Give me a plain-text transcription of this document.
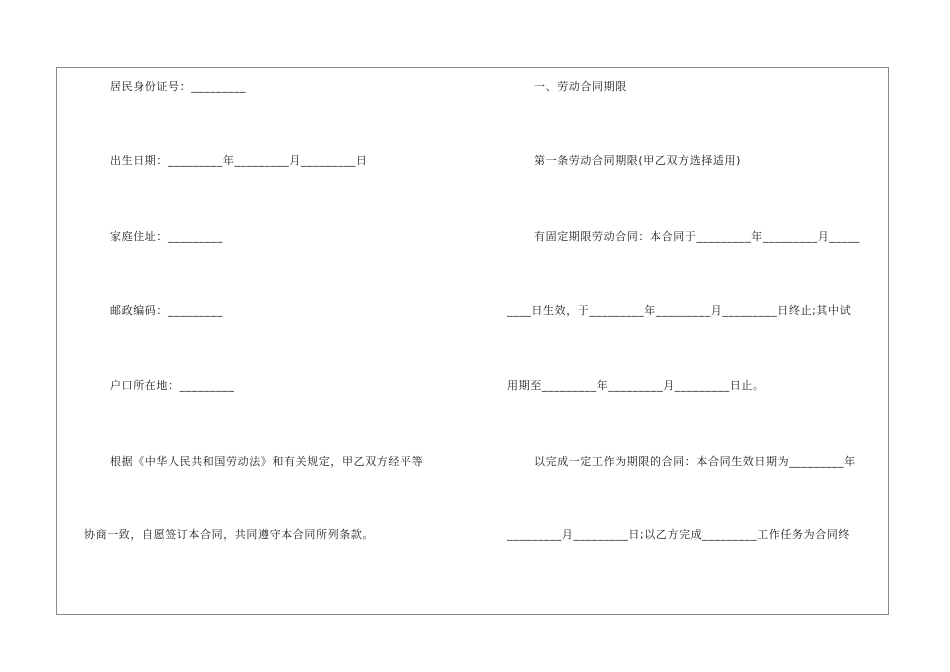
居民身份证号：_________
出生日期：_________年_________月_________日
家庭住址：_________
邮政编码：_________
户口所在地：_________
根据《中华人民共和国劳动法》和有关规定，甲乙双方经平等
协商一致，自愿签订本合同，共同遵守本合同所列条款。
一、劳动合同期限
第一条劳动合同期限(甲乙双方选择适用)
有固定期限劳动合同：本合同于_________年_________月_____
____日生效，于_________年_________月_________日终止;其中试
用期至_________年_________月_________日止。
以完成一定工作为期限的合同：本合同生效日期为_________年
_________月_________日;以乙方完成_________工作任务为合同终
